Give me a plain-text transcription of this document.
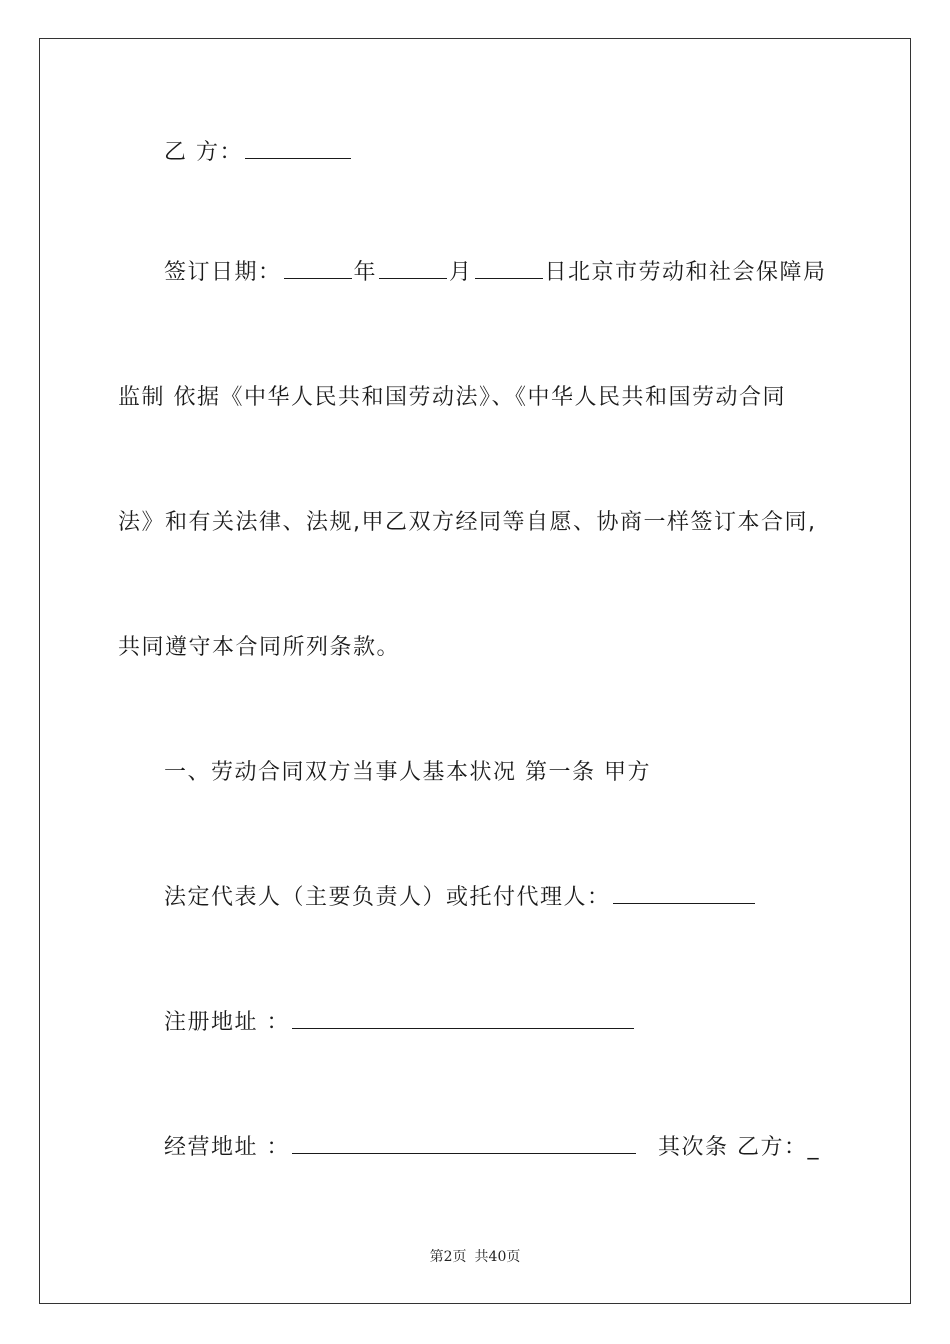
乙 方：
签订日期：	年	月	日北京市劳动和社会保障局
监制 依据《中华人民共和国劳动法》、《中华人民共和国劳动合同
法》和有关法律、法规,甲乙双方经同等自愿、协商一样签订本合同,
共同遵守本合同所列条款。
一、劳动合同双方当事人基本状况 第一条 甲方
法定代表人（主要负责人）或托付代理人：
注册地址 ：
经营地址 ：	其次条 乙方：_
第2页 共40页
